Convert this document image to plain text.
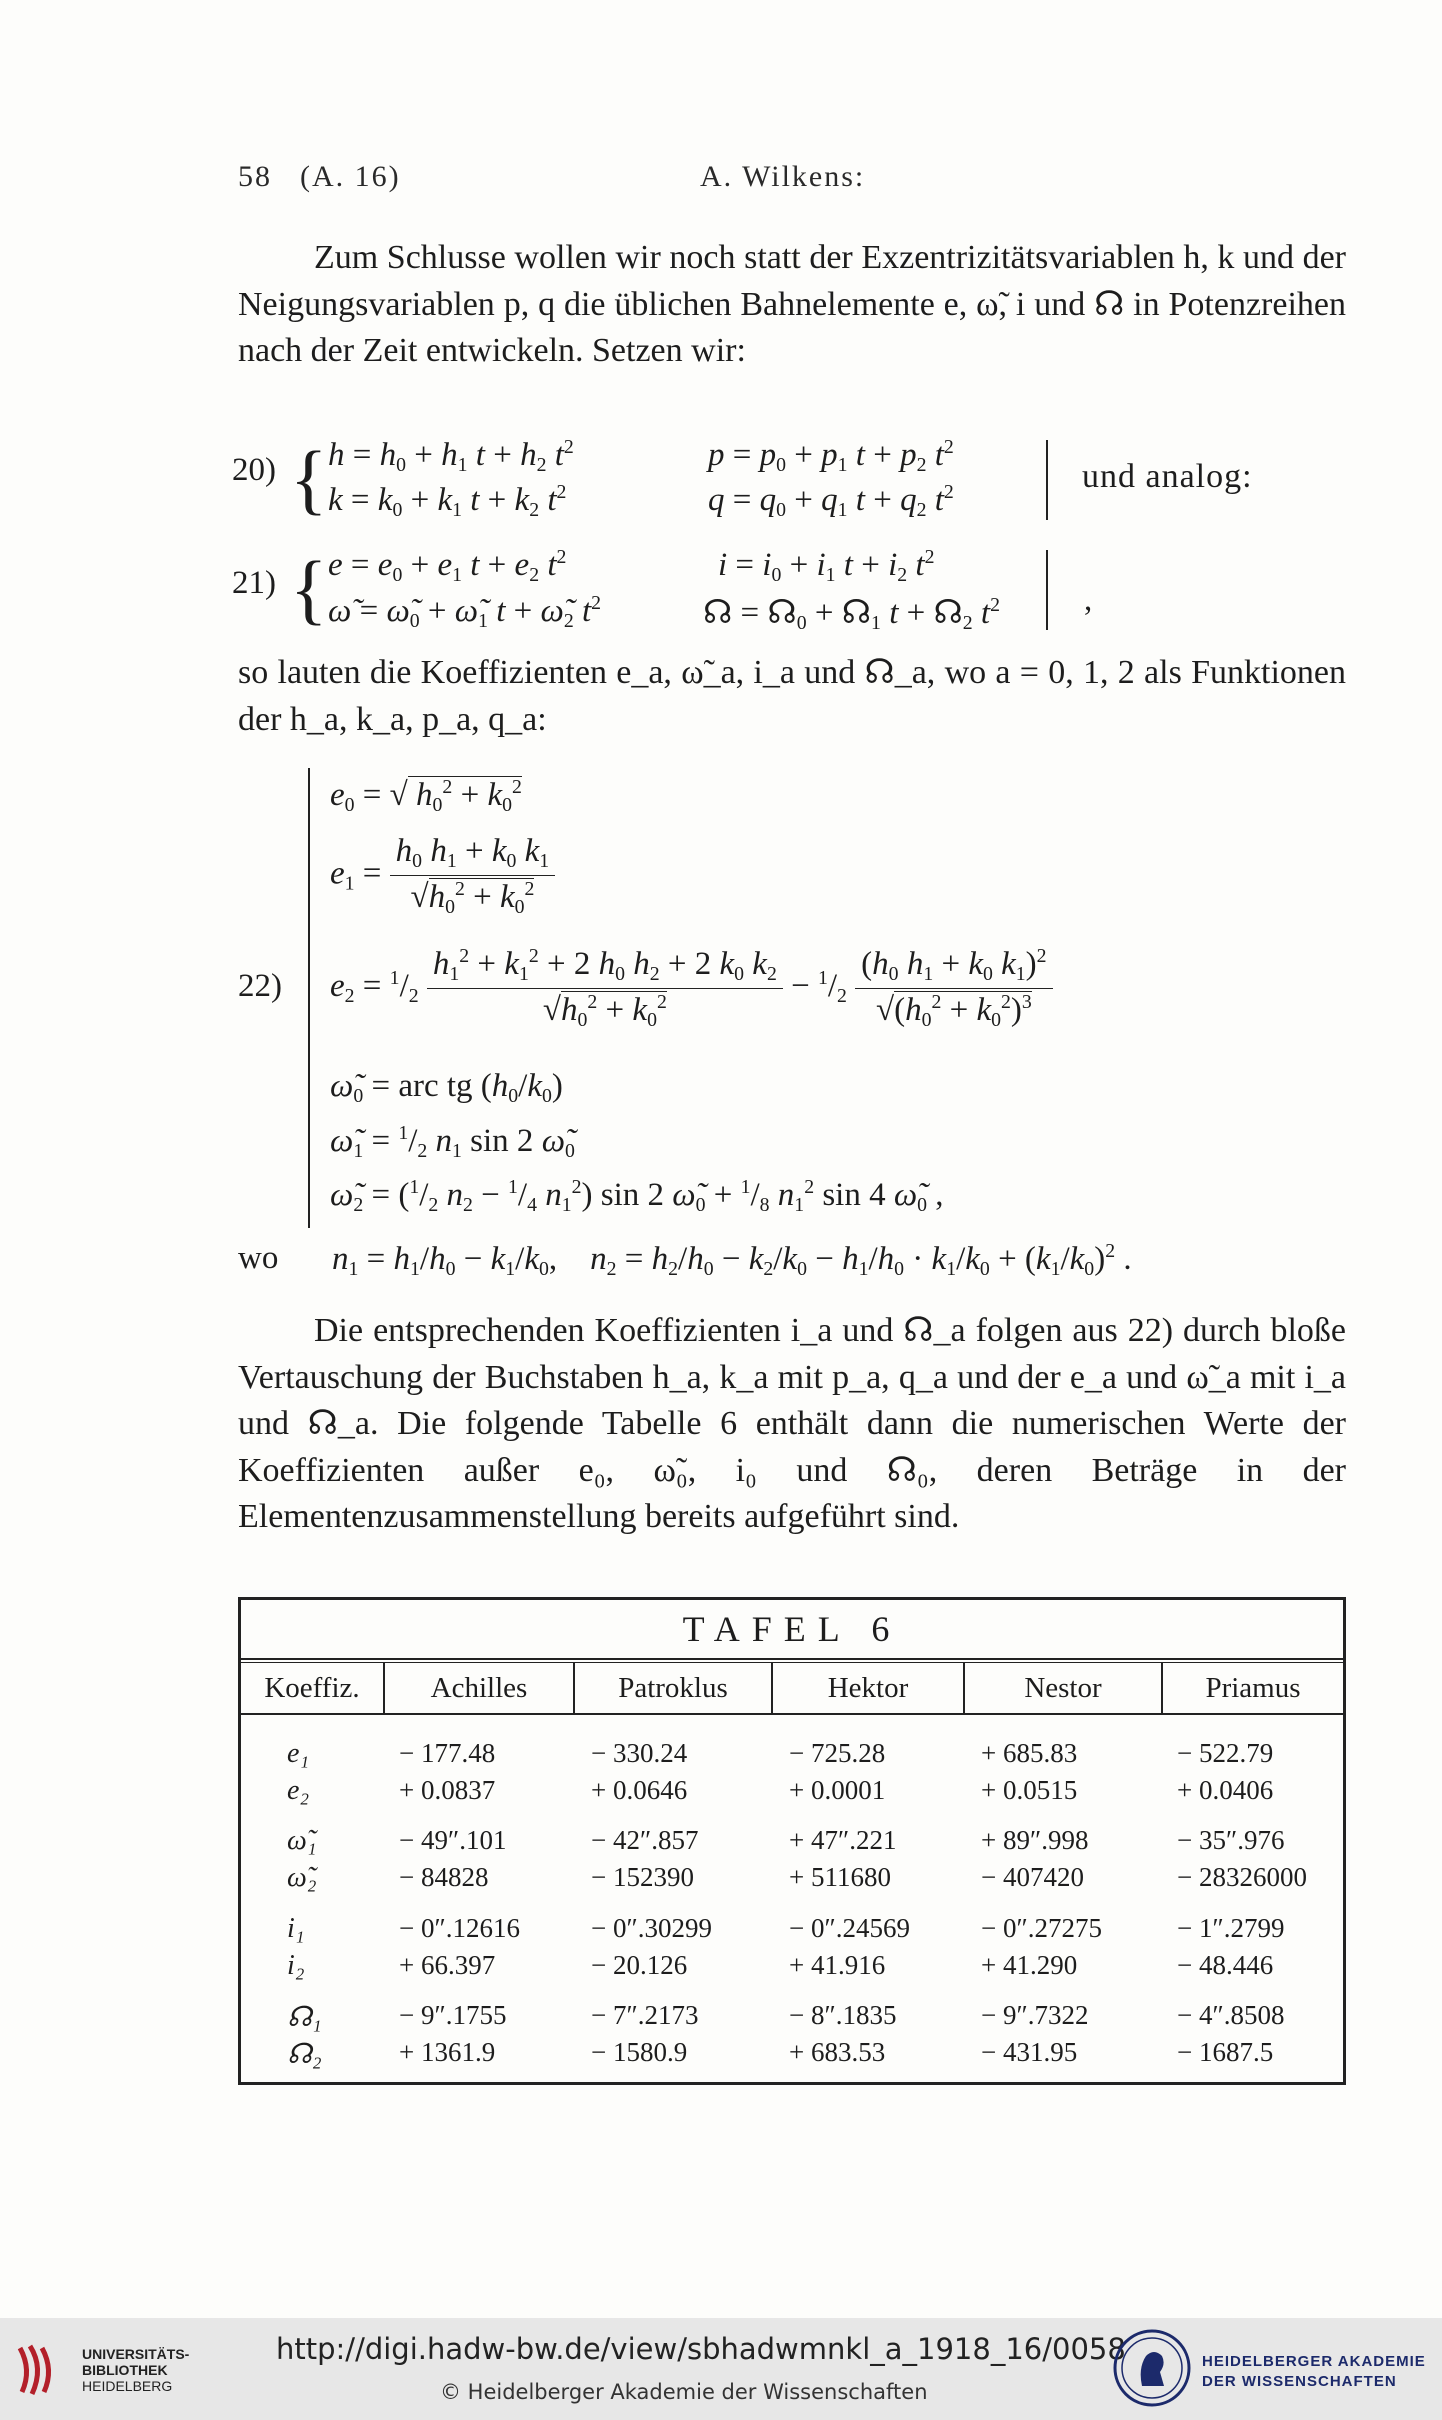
58 (A. 16)	A. Wilkens:
Zum Schlusse wollen wir noch statt der Exzentrizitätsvariablen h, k und der Neigungsvariablen p, q die üblichen Bahnelemente e, ω̃, i und ☊ in Potenzreihen nach der Zeit entwickeln. Setzen wir:
20) { $h = h_0 + h_1$ $t + h_2$ $t^2$
$k = k_0 + k_1$ $t + k_2$ $t^2$
$p = p_0 + p_1$ $t + p_2$ $t^2$
$q = q_0 + q_1$ $t + q_2$ $t^2$	und analog:
21) { $e = e_0 + e_1$ $t + e_2$ $t^2$
ω̃ = $\omegã_0$ + $\omegã_1$ $t + \omegã_2$ $t^2$
$i = i_0 + i_1$ $t + i_2$ $t^2$
☊ = $☊_0$ + $☊_1$ $t + ☊_2$ $t^2$	,
so lauten die Koeffizienten e_a, ω̃_a, i_a und ☊_a, wo a = 0, 1, 2 als Funktionen der h_a, k_a, p_a, q_a:
22)
$e_0$ = √ $h_0^2 + k_0^2$
$e_1 = \frac{h_0 h_1 + k_0 k_1}{√h_0^2 + k_0^2}$
$e_2 = ^1/_2 \frac{h_1^2 + k_1^2 + 2 h_0 h_2 + 2 k_0 k_2}{√h_0^2 + k_0^2} - ^1/_2 \frac{(h_0 h_1 + k_0 k_1)^2}{√(h_0^2 + k_0^2)^3}$
$\omegã_0$ = arc tg $(h_0/k_0)$
$\omegã_1 = ^1/_2$ $n_1$ sin 2 $\omegã_0$
$\omegã_2 = (^1/_2$ $n_2 - ^1/_4$ $n_1^2$) sin 2 $\omegã_0 + ^1/_8$ $n_1^2$ sin 4 $\omegã_0$ ,
wo $n_1 = h_1/h_0 - k_1/k_0$,    $n_2 = h_2/h_0 - k_2/k_0 - h_1/h_0 \cdot k_1/k_0 + (k_1/k_0)^2$ .
Die entsprechenden Koeffizienten i_a und ☊_a folgen aus 22) durch bloße Vertauschung der Buchstaben h_a, k_a mit p_a, q_a und der e_a und ω̃_a mit i_a und ☊_a. Die folgende Tabelle 6 enthält dann die numerischen Werte der Koeffizienten außer e₀, ω̃₀, i₀ und ☊₀, deren Beträge in der Elementenzusammenstellung bereits aufgeführt sind.
TAFEL 6
Koeffiz.	Achilles	Patroklus	Hektor	Nestor	Priamus
e₁	− 177.48	− 330.24	− 725.28	+ 685.83	− 522.79
e₂	+ 0.0837	+ 0.0646	+ 0.0001	+ 0.0515	+ 0.0406
ω̃₁	− 49″.101	− 42″.857	+ 47″.221	+ 89″.998	− 35″.976
ω̃₂	− 84828	− 152390	+ 511680	− 407420	− 28326000
i₁	− 0″.12616	− 0″.30299	− 0″.24569	− 0″.27275	− 1″.2799
i₂	+ 66.397	− 20.126	+ 41.916	+ 41.290	− 48.446
☊₁	− 9″.1755	− 7″.2173	− 8″.1835	− 9″.7322	− 4″.8508
☊₂	+ 1361.9	− 1580.9	+ 683.53	− 431.95	− 1687.5
UNIVERSITÄTS-
BIBLIOTHEK
HEIDELBERG
http://digi.hadw-bw.de/view/sbhadwmnkl_a_1918_16/0058
© Heidelberger Akademie der Wissenschaften
HEIDELBERGER AKADEMIE
DER WISSENSCHAFTEN
